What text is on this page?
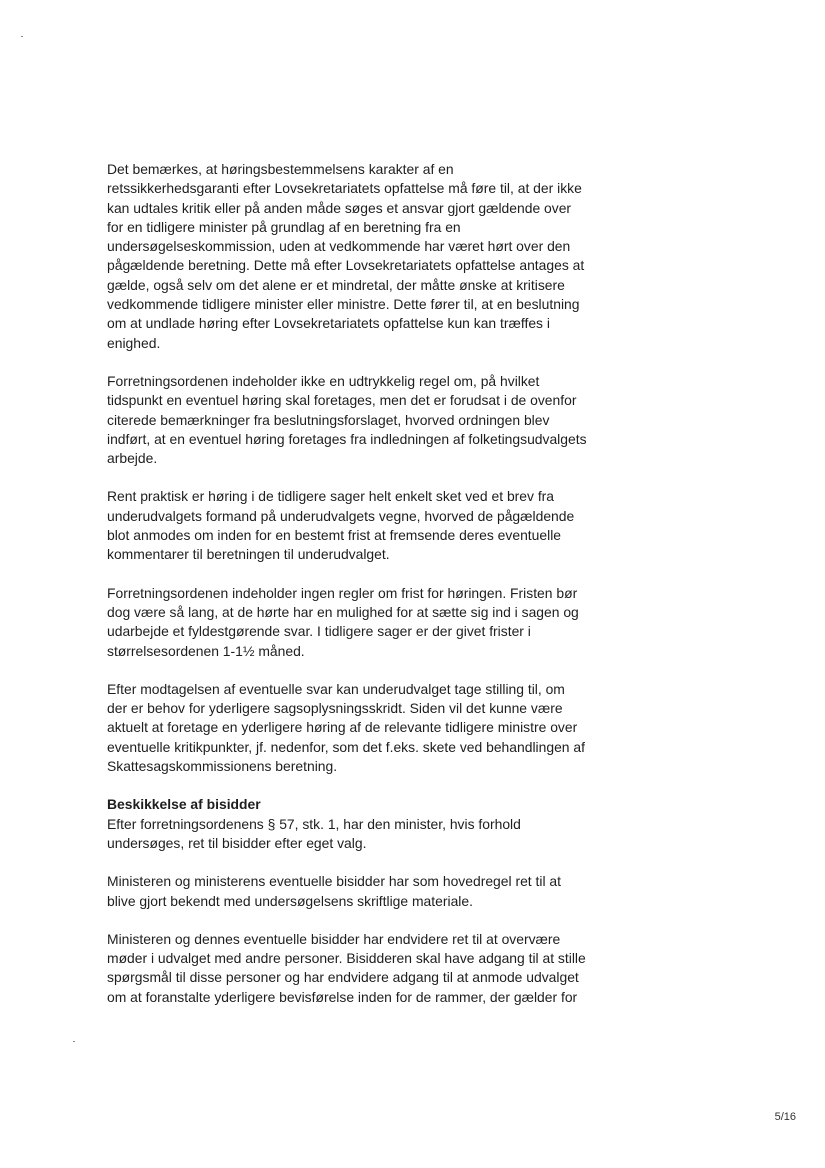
Det bemærkes, at høringsbestemmelsens karakter af en
retssikkerhedsgaranti efter Lovsekretariatets opfattelse må føre til, at der ikke
kan udtales kritik eller på anden måde søges et ansvar gjort gældende over
for en tidligere minister på grundlag af en beretning fra en
undersøgelseskommission, uden at vedkommende har været hørt over den
pågældende beretning. Dette må efter Lovsekretariatets opfattelse antages at
gælde, også selv om det alene er et mindretal, der måtte ønske at kritisere
vedkommende tidligere minister eller ministre. Dette fører til, at en beslutning
om at undlade høring efter Lovsekretariatets opfattelse kun kan træffes i
enighed.

Forretningsordenen indeholder ikke en udtrykkelig regel om, på hvilket
tidspunkt en eventuel høring skal foretages, men det er forudsat i de ovenfor
citerede bemærkninger fra beslutningsforslaget, hvorved ordningen blev
indført, at en eventuel høring foretages fra indledningen af folketingsudvalgets
arbejde.

Rent praktisk er høring i de tidligere sager helt enkelt sket ved et brev fra
underudvalgets formand på underudvalgets vegne, hvorved de pågældende
blot anmodes om inden for en bestemt frist at fremsende deres eventuelle
kommentarer til beretningen til underudvalget.

Forretningsordenen indeholder ingen regler om frist for høringen. Fristen bør
dog være så lang, at de hørte har en mulighed for at sætte sig ind i sagen og
udarbejde et fyldestgørende svar. I tidligere sager er der givet frister i
størrelsesordenen 1-1½ måned.

Efter modtagelsen af eventuelle svar kan underudvalget tage stilling til, om
der er behov for yderligere sagsoplysningsskridt. Siden vil det kunne være
aktuelt at foretage en yderligere høring af de relevante tidligere ministre over
eventuelle kritikpunkter, jf. nedenfor, som det f.eks. skete ved behandlingen af
Skattesagskommissionens beretning.

Beskikkelse af bisidder

Efter forretningsordenens § 57, stk. 1, har den minister, hvis forhold
undersøges, ret til bisidder efter eget valg.

Ministeren og ministerens eventuelle bisidder har som hovedregel ret til at
blive gjort bekendt med undersøgelsens skriftlige materiale.

Ministeren og dennes eventuelle bisidder har endvidere ret til at overvære
møder i udvalget med andre personer. Bisidderen skal have adgang til at stille
spørgsmål til disse personer og har endvidere adgang til at anmode udvalget
om at foranstalte yderligere bevisførelse inden for de rammer, der gælder for

5/16
